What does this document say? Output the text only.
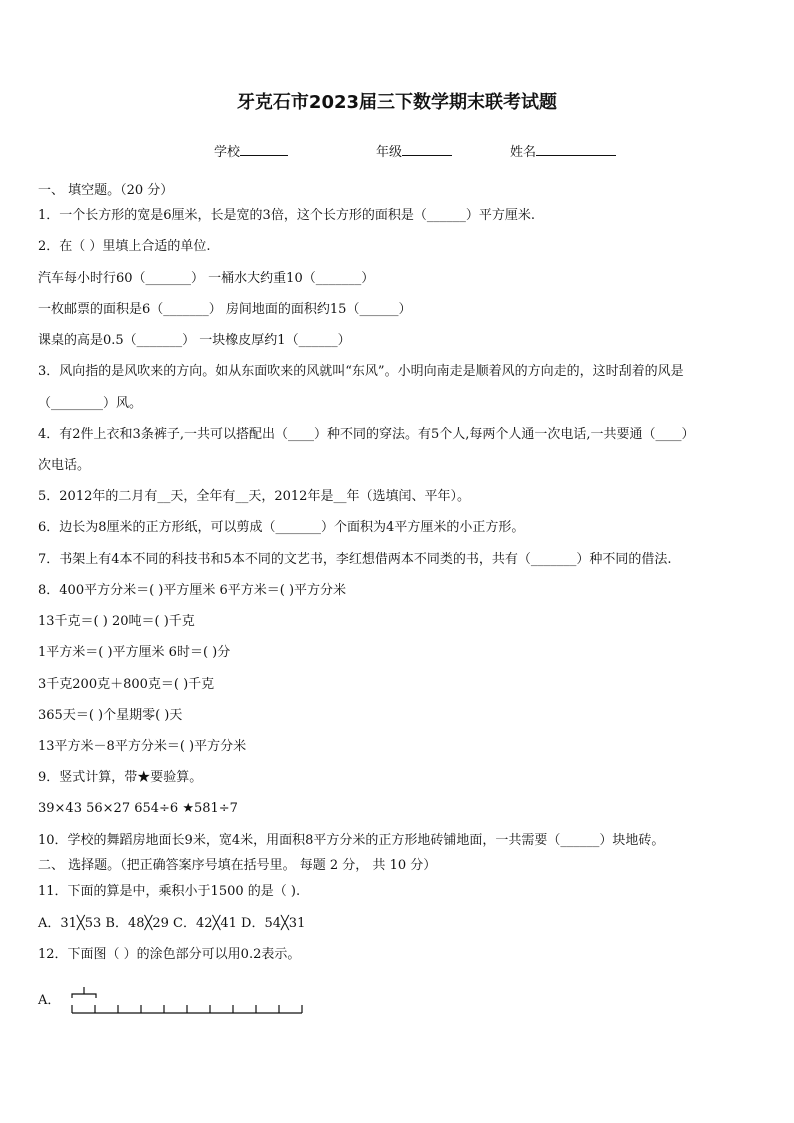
牙克石市2023届三下数学期末联考试题
学校	年级	姓名
一、 填空题。（20 分）
1．一个长方形的宽是6厘米，长是宽的3倍，这个长方形的面积是（______）平方厘米.
2．在（ ）里填上合适的单位.
汽车每小时行60（_______） 一桶水大约重10（_______）
一枚邮票的面积是6（_______） 房间地面的面积约15（______）
课桌的高是0.5（_______） 一块橡皮厚约1（______）
3．风向指的是风吹来的方向。如从东面吹来的风就叫“东风”。小明向南走是顺着风的方向走的，这时刮着的风是
（________）风。
4．有2件上衣和3条裤子,一共可以搭配出（____）种不同的穿法。有5个人,每两个人通一次电话,一共要通（____）
次电话。
5．2012年的二月有__天，全年有__天，2012年是__年（选填闰、平年）。
6．边长为8厘米的正方形纸，可以剪成（_______）个面积为4平方厘米的小正方形。
7．书架上有4本不同的科技书和5本不同的文艺书，李红想借两本不同类的书，共有（_______）种不同的借法.
8．400平方分米＝( )平方厘米 6平方米＝( )平方分米
13千克＝( ) 20吨＝( )千克
1平方米＝( )平方厘米 6时＝( )分
3千克200克＋800克＝( )千克
365天＝( )个星期零( )天
13平方米－8平方分米＝( )平方分米
9．竖式计算，带★要验算。
39×43 56×27 654÷6 ★581÷7
10．学校的舞蹈房地面长9米，宽4米，用面积8平方分米的正方形地砖铺地面，一共需要（______）块地砖。
二、 选择题。（把正确答案序号填在括号里。 每题 2 分， 共 10 分）
11．下面的算是中，乘积小于1500 的是（ ).
A．31╳53 B．48╳29 C．42╳41 D．54╳31
12．下面图（ ）的涂色部分可以用0.2表示。
A．
